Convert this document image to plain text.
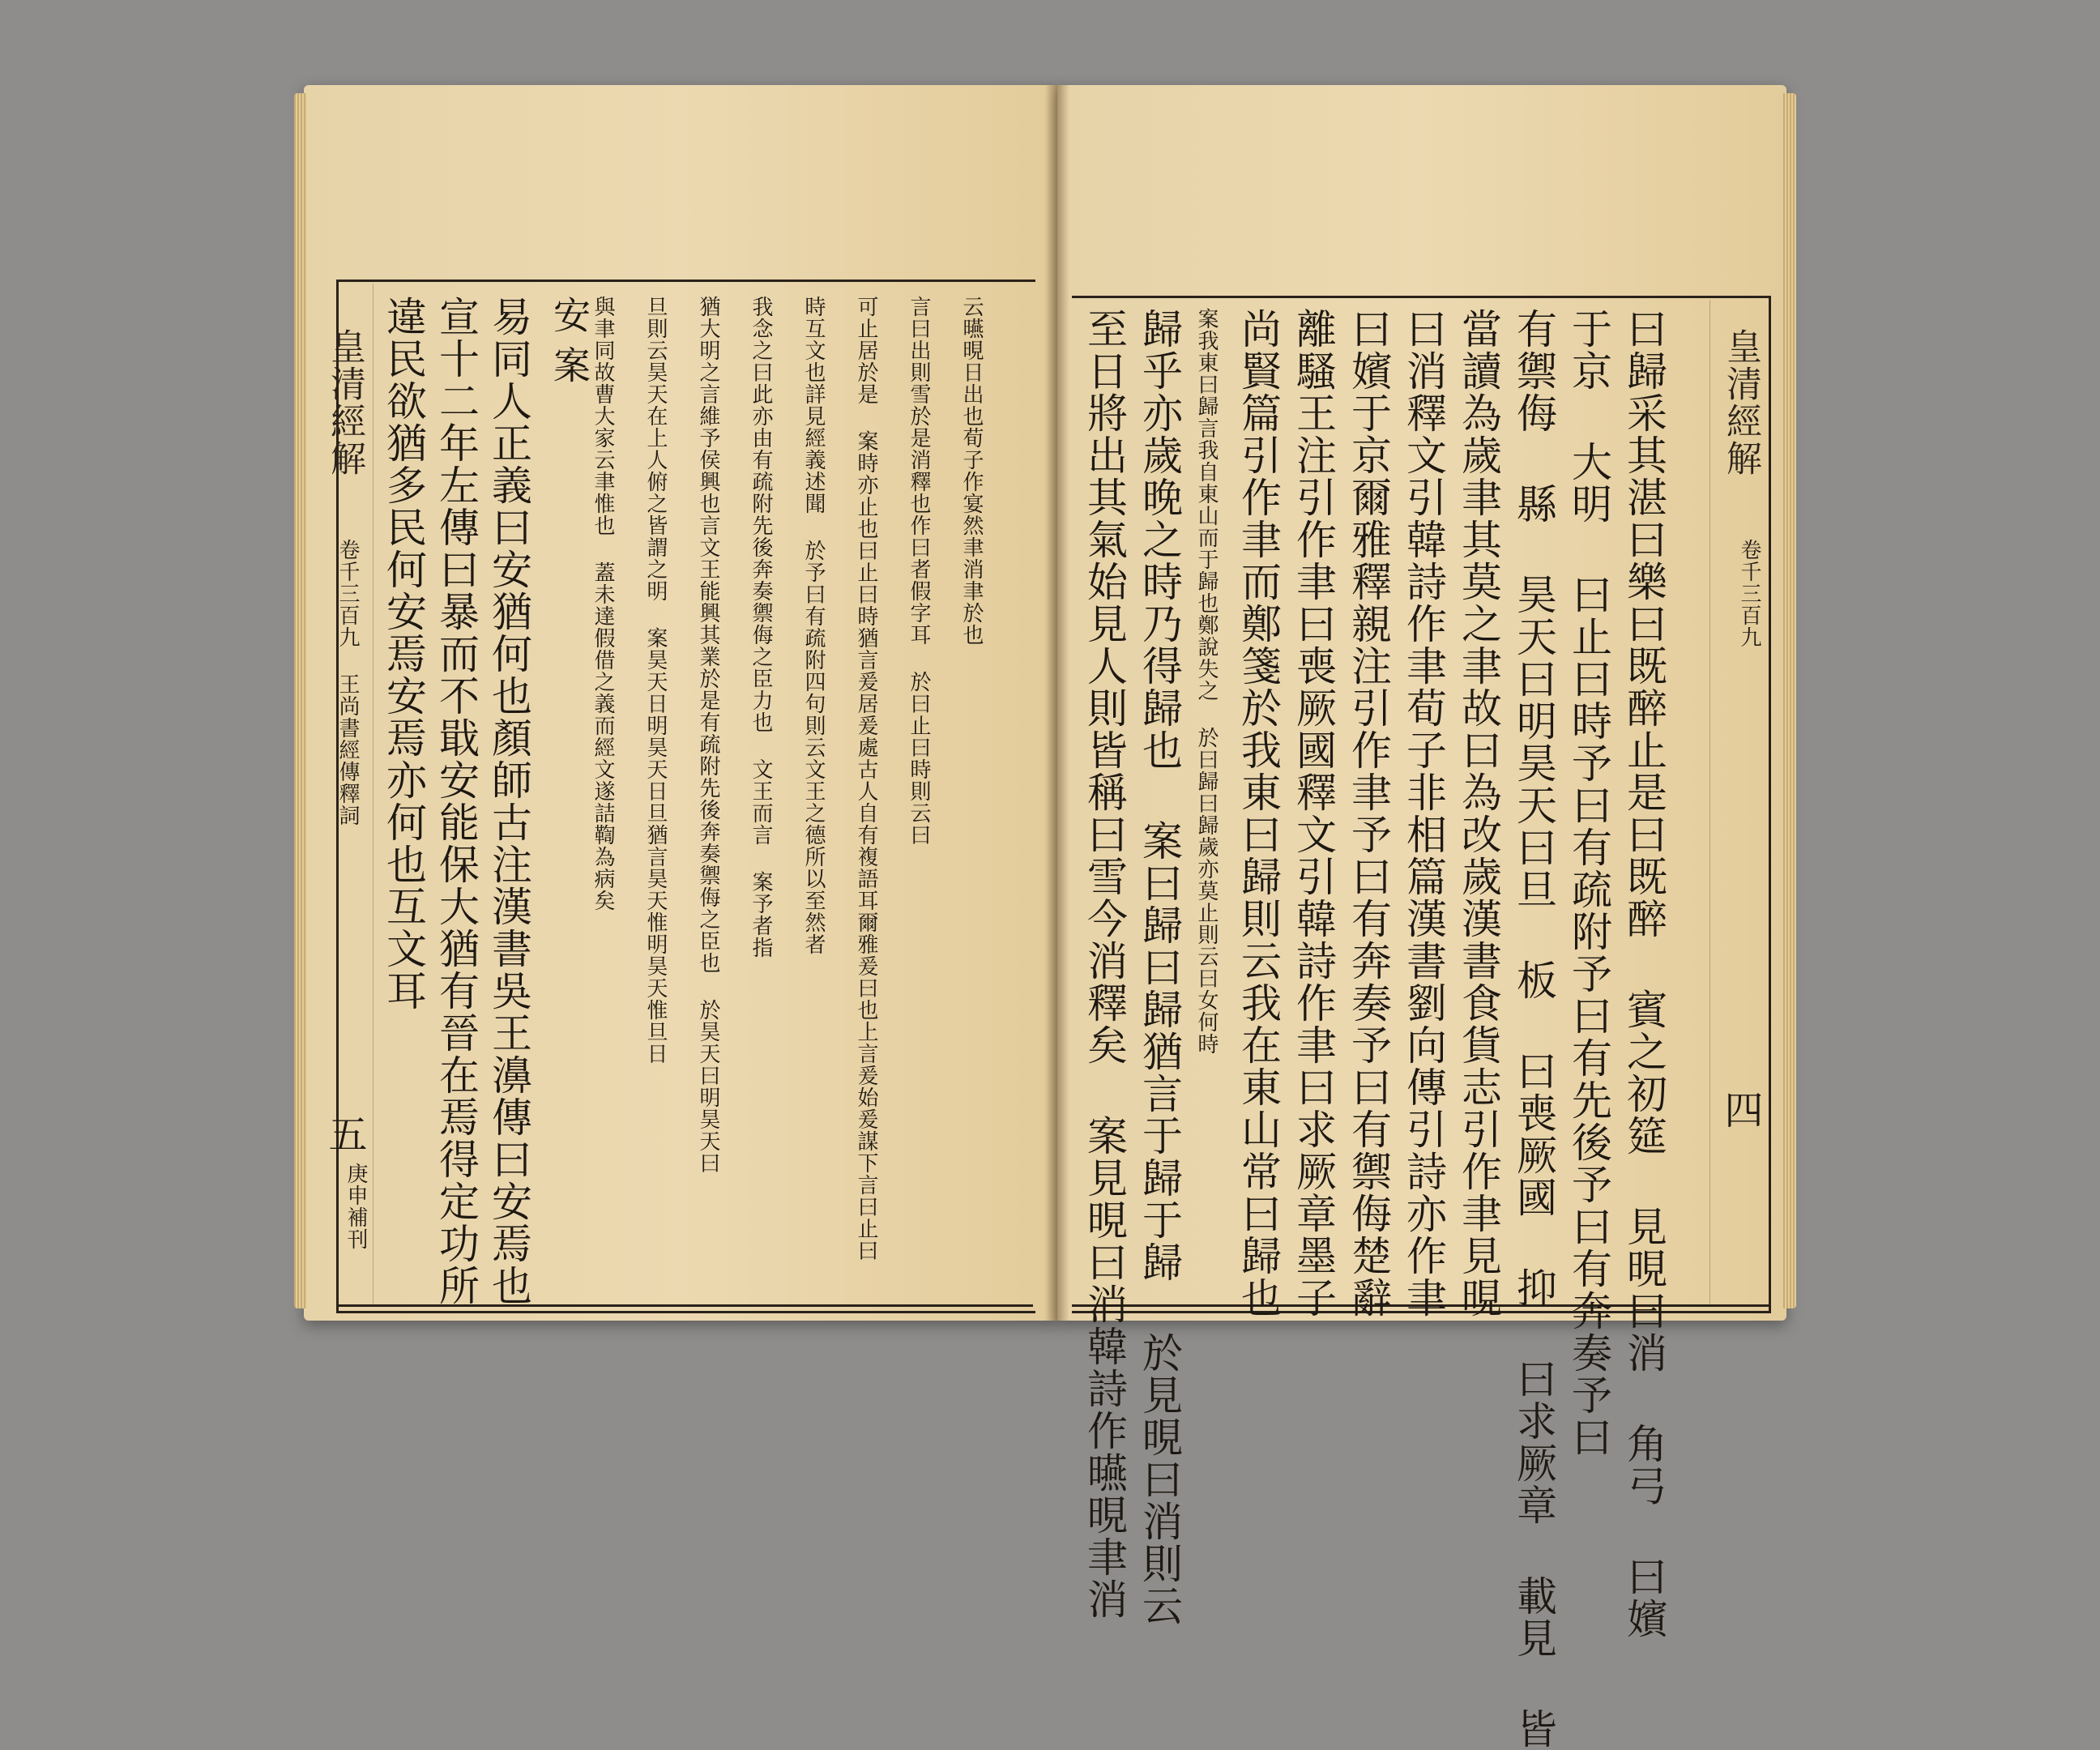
皇清經解
卷千三百九 王尚書經傳釋詞
五
庚申補刊
違民欲猶多民何安焉安焉亦何也互文耳 宣十二年左傳曰暴而不戢安能保大猶有晉在焉得定功所 易同人正義曰安猶何也顏師古注漢書吳王濞傳曰安焉也 安案 與聿同故曹大家云聿惟也 蓋未達假借之義而經文遂詰鞫為病矣 旦則云昊天在上人俯之皆謂之明 案昊天日明昊天日旦猶言昊天惟明昊天惟旦日 猶大明之言維予侯興也言文王能興其業於是有疏附先後奔奏禦侮之臣也 於昊天曰明昊天曰 我念之曰此亦由有疏附先後奔奏禦侮之臣力也 文王而言 案予者指 時互文也詳見經義述聞 於予曰有疏附四句則云文王之德所以至然者 可止居於是 案時亦止也曰止曰時猶言爰居爰處古人自有複語耳爾雅爰曰也上言爰始爰謀下言曰止曰 言曰出則雪於是消釋也作曰者假字耳 於曰止曰時則云曰 云曣晛日出也荀子作宴然聿消聿於也 至日將出其氣始見人則皆稱曰雪今消釋矣 案見晛曰消韓詩作曣晛聿消 歸乎亦歲晚之時乃得歸也 案曰歸曰歸猶言于歸于歸 於見晛曰消則云 案我東曰歸言我自東山而于歸也鄭說失之 於曰歸曰歸歲亦莫止則云曰女何時 尚賢篇引作聿而鄭箋於我東曰歸則云我在東山常曰歸也 離騷王注引作聿曰喪厥國釋文引韓詩作聿曰求厥章墨子 曰嬪于京爾雅釋親注引作聿予曰有奔奏予曰有禦侮楚辭 曰消釋文引韓詩作聿荀子非相篇漢書劉向傳引詩亦作聿 當讀為歲聿其莫之聿故曰為改歲漢書食貨志引作聿見晛 有禦侮 縣 昊天曰明昊天曰旦 板 曰喪厥國 抑 曰求厥章 載見 皆 于京 大明 曰止曰時予曰有疏附予曰有先後予曰有奔奏予曰 曰歸采其湛曰樂曰既醉止是曰既醉 賓之初筵 見晛曰消 角弓 曰嬪 皇清經解
卷千三百九
四
